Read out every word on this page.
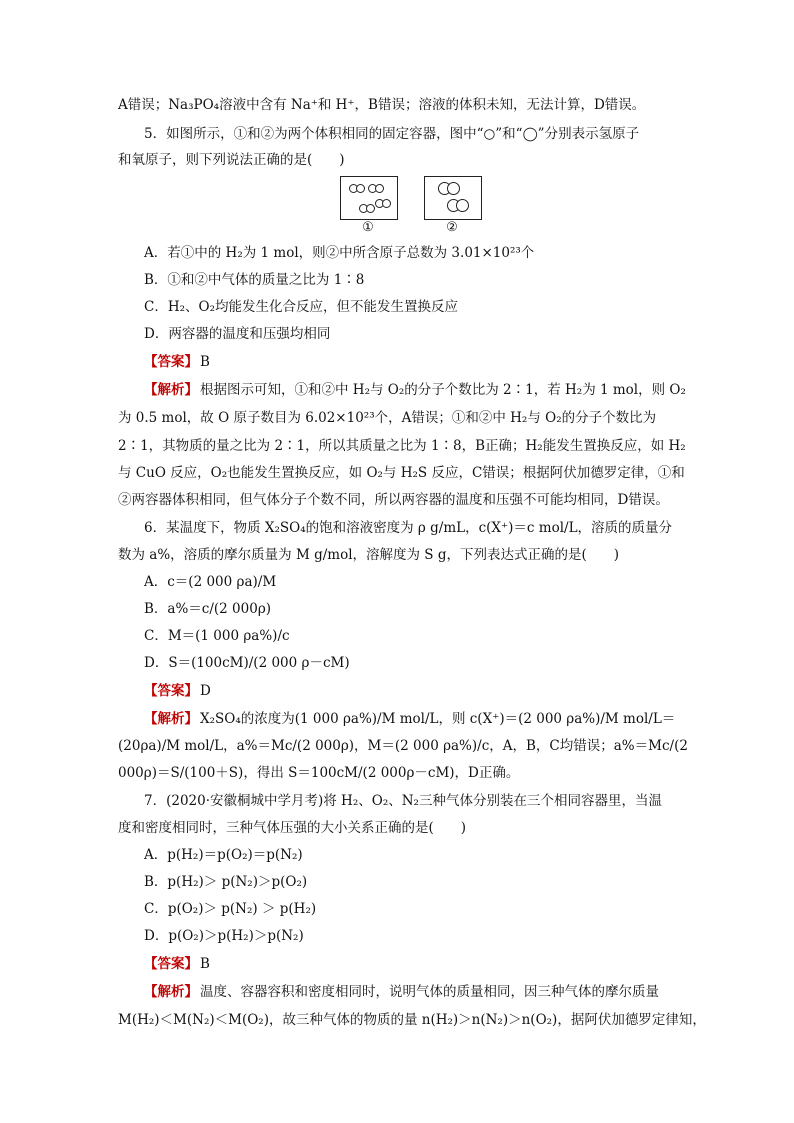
A错误；Na₃PO₄溶液中含有 Na⁺和 H⁺，B错误；溶液的体积未知，无法计算，D错误。
5．如图所示，①和②为两个体积相同的固定容器，图中“○”和“◯”分别表示氢原子
和氧原子，则下列说法正确的是(　　)
①	②
A．若①中的 H₂为 1 mol，则②中所含原子总数为 3.01×10²³个
B．①和②中气体的质量之比为 1∶8
C．H₂、O₂均能发生化合反应，但不能发生置换反应
D．两容器的温度和压强均相同
【答案】 B
【解析】 根据图示可知，①和②中 H₂与 O₂的分子个数比为 2∶1，若 H₂为 1 mol，则 O₂
为 0.5 mol，故 O 原子数目为 6.02×10²³个，A错误；①和②中 H₂与 O₂的分子个数比为
2∶1，其物质的量之比为 2∶1，所以其质量之比为 1∶8，B正确；H₂能发生置换反应，如 H₂
与 CuO 反应，O₂也能发生置换反应，如 O₂与 H₂S 反应，C错误；根据阿伏加德罗定律，①和
②两容器体积相同，但气体分子个数不同，所以两容器的温度和压强不可能均相同，D错误。
6．某温度下，物质 X₂SO₄的饱和溶液密度为 ρ g/mL，c(X⁺)＝c mol/L，溶质的质量分
数为 a%，溶质的摩尔质量为 M g/mol，溶解度为 S g，下列表达式正确的是(　　)
A．c＝(2 000 ρa)/M
B．a%＝c/(2 000ρ)
C．M＝(1 000 ρa%)/c
D．S＝(100cM)/(2 000 ρ－cM)
【答案】 D
【解析】 X₂SO₄的浓度为(1 000 ρa%)/M mol/L，则 c(X⁺)＝(2 000 ρa%)/M mol/L＝
(20ρa)/M mol/L，a%＝Mc/(2 000ρ)，M＝(2 000 ρa%)/c，A，B，C均错误；a%＝Mc/(2
000ρ)＝S/(100＋S)，得出 S＝100cM/(2 000ρ－cM)，D正确。
7．(2020·安徽桐城中学月考)将 H₂、O₂、N₂三种气体分别装在三个相同容器里，当温
度和密度相同时，三种气体压强的大小关系正确的是(　　)
A．p(H₂)＝p(O₂)＝p(N₂)
B．p(H₂)＞ p(N₂)＞p(O₂)
C．p(O₂)＞ p(N₂) ＞ p(H₂)
D．p(O₂)＞p(H₂)＞p(N₂)
【答案】 B
【解析】 温度、容器容积和密度相同时，说明气体的质量相同，因三种气体的摩尔质量
M(H₂)＜M(N₂)＜M(O₂)，故三种气体的物质的量 n(H₂)＞n(N₂)＞n(O₂)，据阿伏加德罗定律知，
